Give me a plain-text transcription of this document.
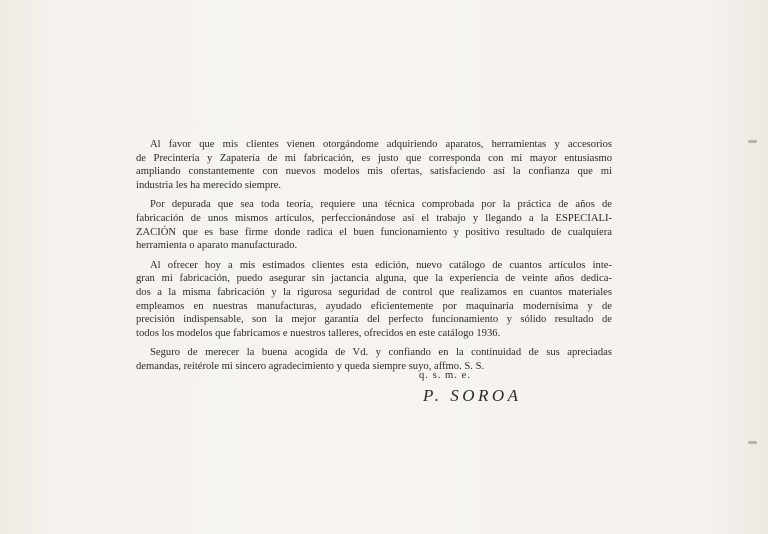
Al favor que mis clientes vienen otorgándome adquiriendo aparatos, herramientas y accesorios
de Precintería y Zapatería de mi fabricación, es justo que corresponda con mi mayor entusiasmo
ampliando constantemente con nuevos modelos mis ofertas, satisfaciendo así la confianza que mi
industria les ha merecido siempre.
Por depurada que sea toda teoría, requiere una técnica comprobada por la práctica de años de
fabricación de unos mismos artículos, perfeccionándose así el trabajo y llegando a la ESPECIALI-
ZACIÓN que es base firme donde radica el buen funcionamiento y positivo resultado de cualquiera
herramienta o aparato manufacturado.
Al ofrecer hoy a mis estimados clientes esta edición, nuevo catálogo de cuantos artículos inte-
gran mi fabricación, puedo asegurar sin jactancia alguna, que la experiencia de veinte años dedica-
dos a la misma fabricación y la rigurosa seguridad de control que realizamos en cuantos materiales
empleamos en nuestras manufacturas, ayudado eficientemente por maquinaria modernísima y de
precisión indispensable, son la mejor garantía del perfecto funcionamiento y sólido resultado de
todos los modelos que fabricamos e nuestros talleres, ofrecidos en este catálogo 1936.
Seguro de merecer la buena acogida de Vd. y confiando en la continuidad de sus apreciadas
demandas, reitérole mi sincero agradecimiento y queda siempre suyo, affmo. S. S.
q. s. m. e.
P. SOROA
